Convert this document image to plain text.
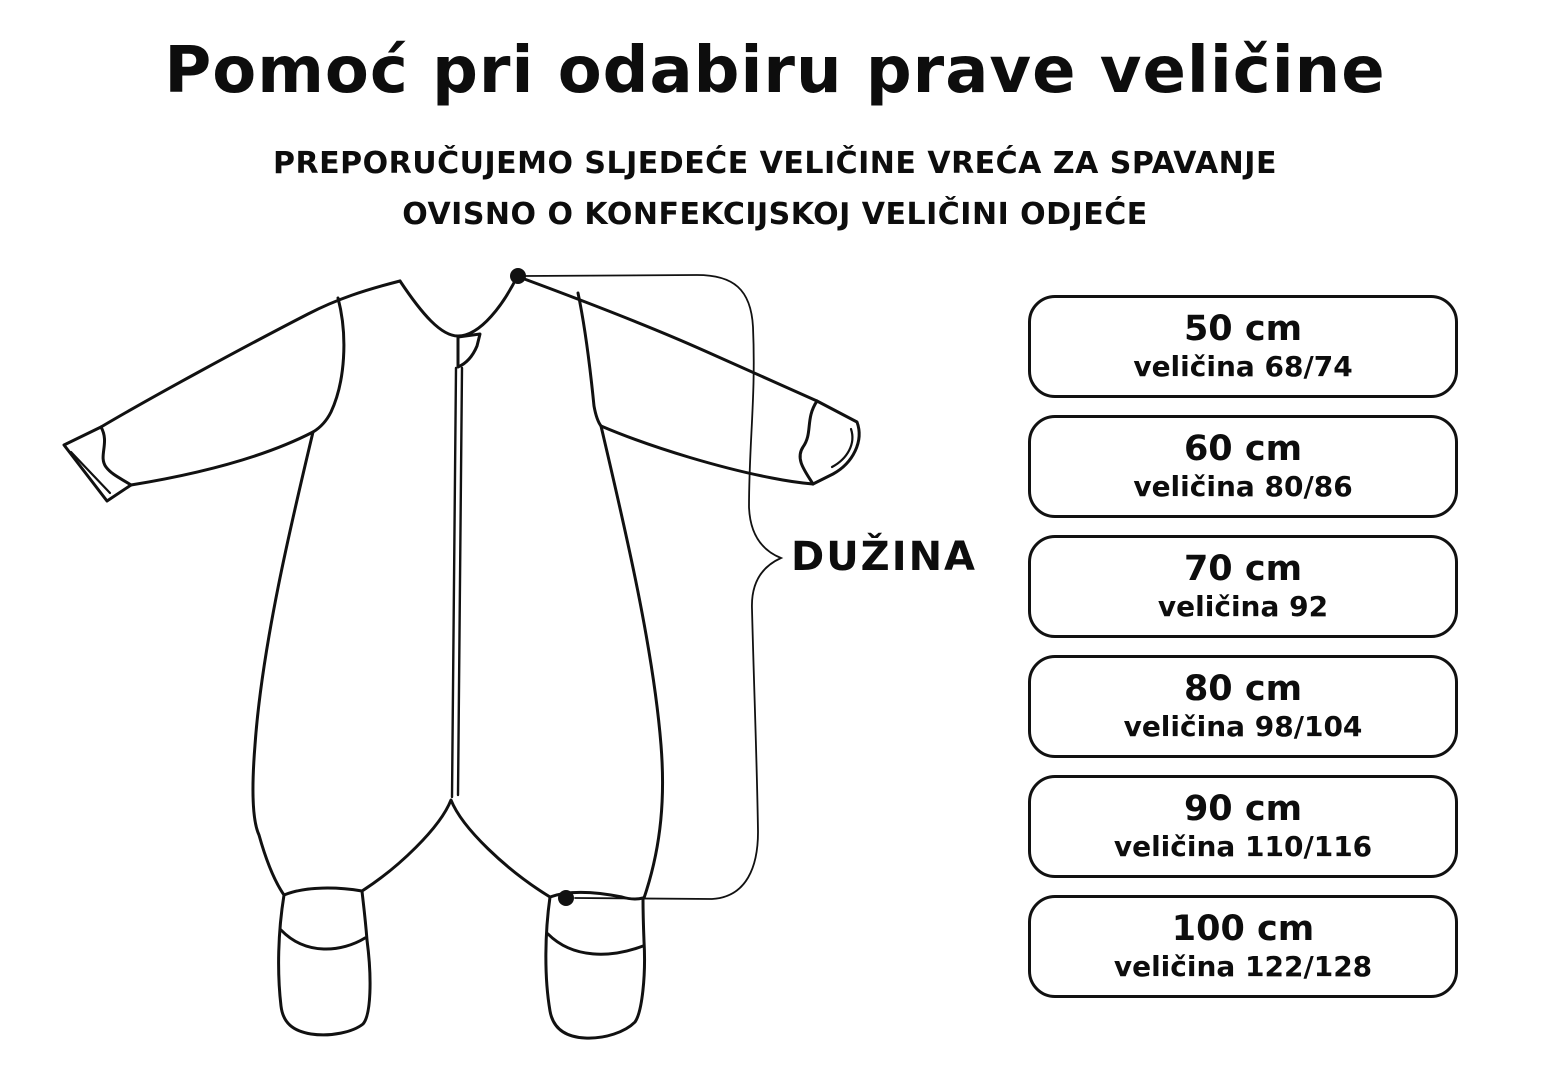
Pomoć pri odabiru prave veličine
PREPORUČUJEMO SLJEDEĆE VELIČINE VREĆA ZA SPAVANJE
OVISNO O KONFEKCIJSKOJ VELIČINI ODJEĆE
DUŽINA
50 cm
veličina 68/74
60 cm
veličina 80/86
70 cm
veličina 92
80 cm
veličina 98/104
90 cm
veličina 110/116
100 cm
veličina 122/128
